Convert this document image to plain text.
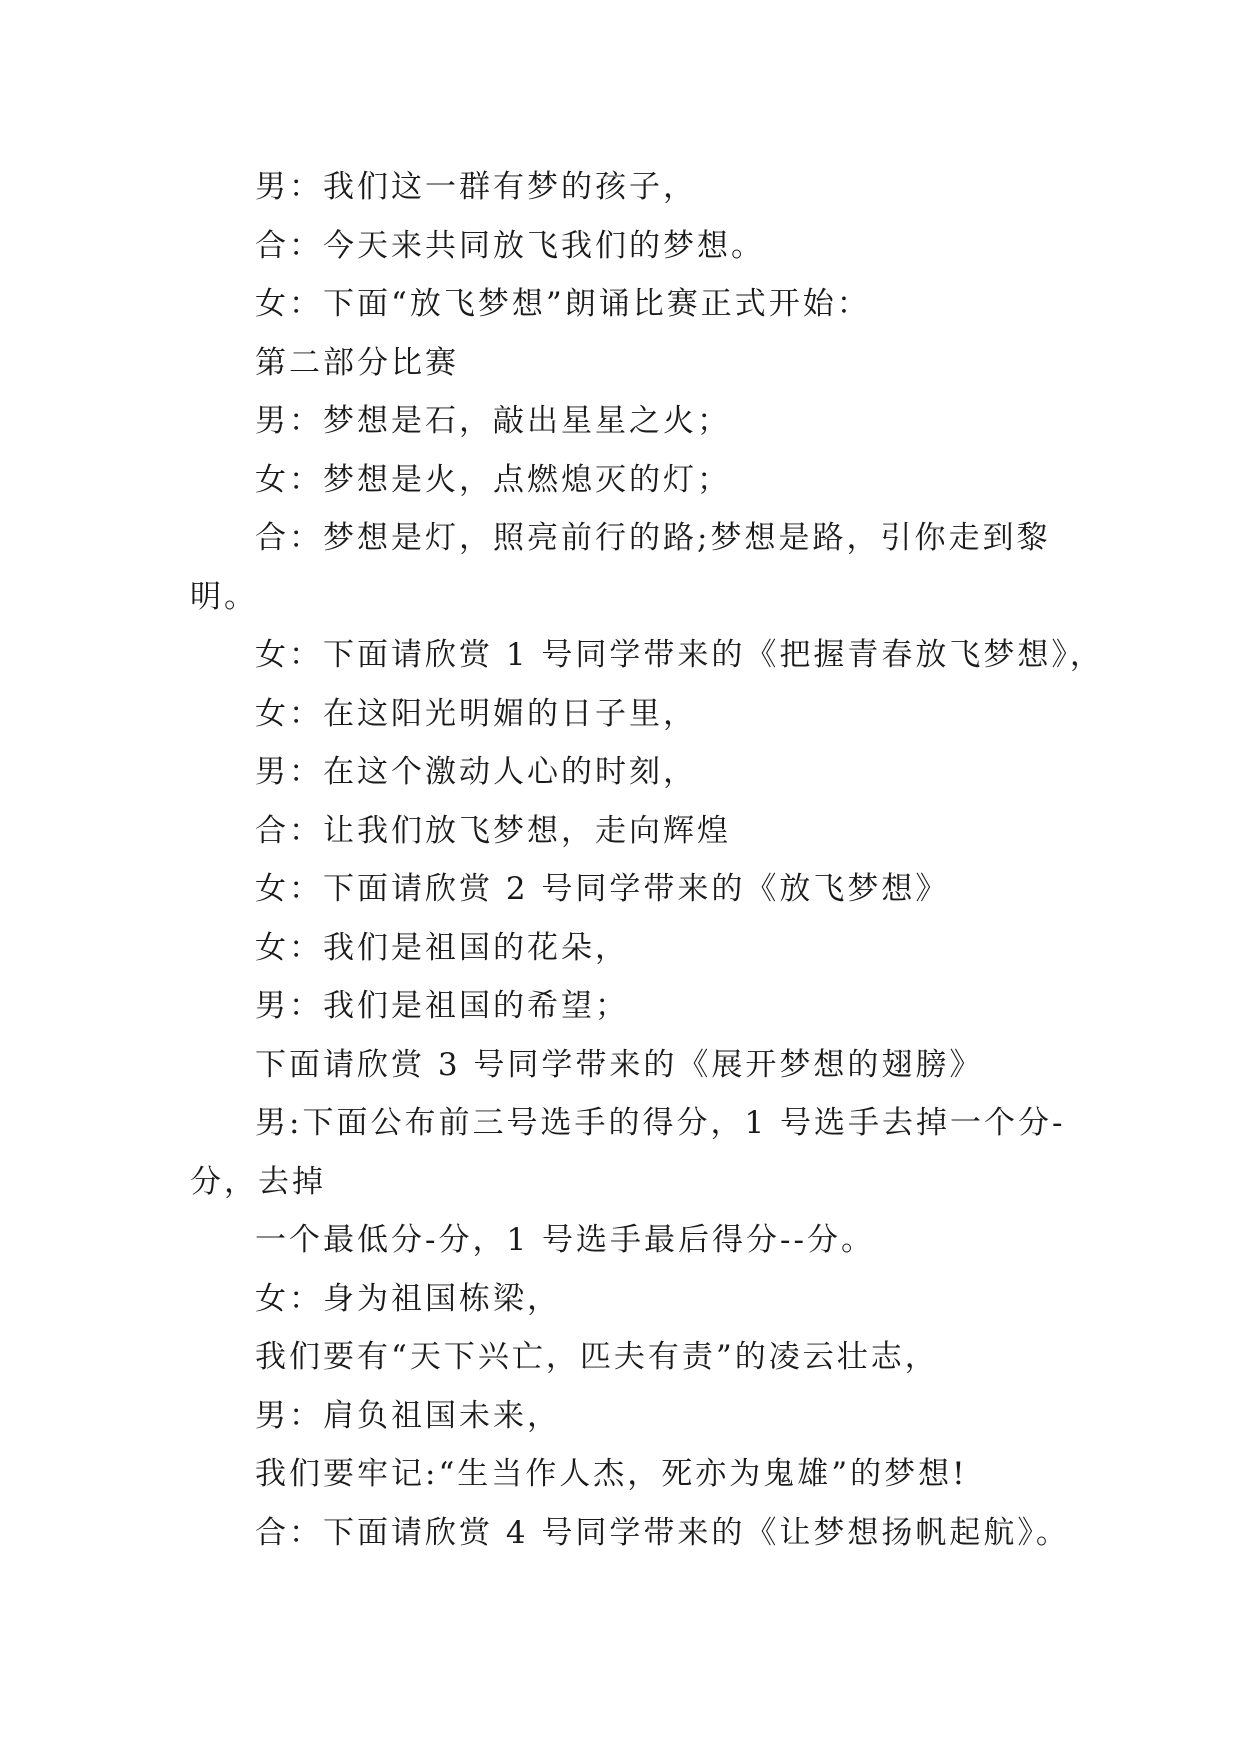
男：我们这一群有梦的孩子，
合：今天来共同放飞我们的梦想。
女：下面“放飞梦想”朗诵比赛正式开始：
第二部分比赛
男：梦想是石，敲出星星之火；
女：梦想是火，点燃熄灭的灯；
合：梦想是灯，照亮前行的路;梦想是路，引你走到黎
明。
女：下面请欣赏 1 号同学带来的《把握青春放飞梦想》，
女：在这阳光明媚的日子里，
男：在这个激动人心的时刻，
合：让我们放飞梦想，走向辉煌
女：下面请欣赏 2 号同学带来的《放飞梦想》
女：我们是祖国的花朵，
男：我们是祖国的希望；
下面请欣赏 3 号同学带来的《展开梦想的翅膀》
男:下面公布前三号选手的得分，1 号选手去掉一个分-
分，去掉
一个最低分-分，1 号选手最后得分--分。
女：身为祖国栋梁，
我们要有“天下兴亡，匹夫有责”的凌云壮志，
男：肩负祖国未来，
我们要牢记:“生当作人杰，死亦为鬼雄”的梦想!
合：下面请欣赏 4 号同学带来的《让梦想扬帆起航》。
